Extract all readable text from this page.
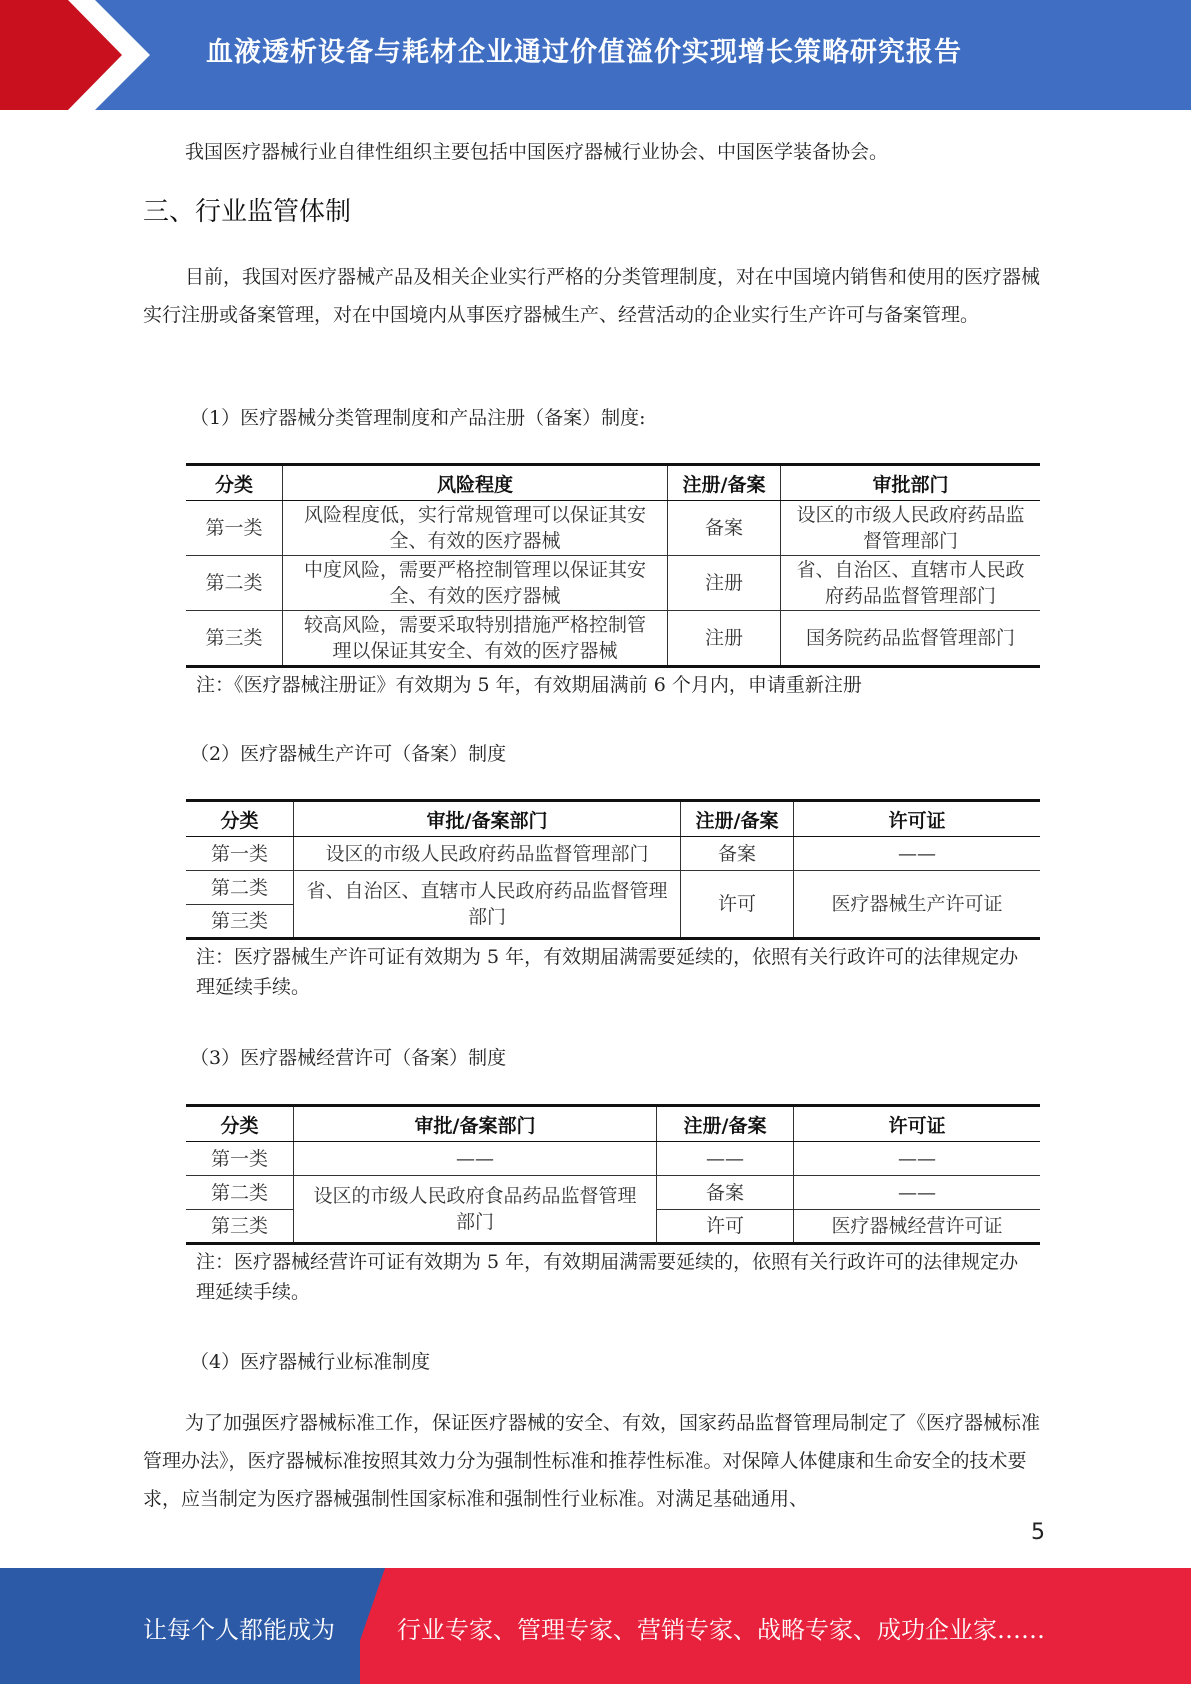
血液透析设备与耗材企业通过价值溢价实现增长策略研究报告
我国医疗器械行业自律性组织主要包括中国医疗器械行业协会、中国医学装备协会。
三、行业监管体制
目前，我国对医疗器械产品及相关企业实行严格的分类管理制度，对在中国境内销售和使用的医疗器械实行注册或备案管理，对在中国境内从事医疗器械生产、经营活动的企业实行生产许可与备案管理。
（1）医疗器械分类管理制度和产品注册（备案）制度:
分类	风险程度	注册/备案	审批部门
第一类	风险程度低，实行常规管理可以保证其安全、有效的医疗器械	备案	设区的市级人民政府药品监督管理部门
第二类	中度风险，需要严格控制管理以保证其安全、有效的医疗器械	注册	省、自治区、直辖市人民政府药品监督管理部门
第三类	较高风险，需要采取特别措施严格控制管理以保证其安全、有效的医疗器械	注册	国务院药品监督管理部门
注：《医疗器械注册证》有效期为 5 年，有效期届满前 6 个月内，申请重新注册
（2）医疗器械生产许可（备案）制度
分类	审批/备案部门	注册/备案	许可证
第一类	设区的市级人民政府药品监督管理部门	备案	——
第二类	省、自治区、直辖市人民政府药品监督管理部门	许可	医疗器械生产许可证
第三类			
注：医疗器械生产许可证有效期为 5 年，有效期届满需要延续的，依照有关行政许可的法律规定办理延续手续。
（3）医疗器械经营许可（备案）制度
分类	审批/备案部门	注册/备案	许可证
第一类	——	——	——
第二类	设区的市级人民政府食品药品监督管理部门	备案	——
第三类		许可	医疗器械经营许可证
注：医疗器械经营许可证有效期为 5 年，有效期届满需要延续的，依照有关行政许可的法律规定办理延续手续。
（4）医疗器械行业标准制度
为了加强医疗器械标准工作，保证医疗器械的安全、有效，国家药品监督管理局制定了《医疗器械标准管理办法》，医疗器械标准按照其效力分为强制性标准和推荐性标准。对保障人体健康和生命安全的技术要求，应当制定为医疗器械强制性国家标准和强制性行业标准。对满足基础通用、
5
让每个人都能成为	行业专家、管理专家、营销专家、战略专家、成功企业家……
